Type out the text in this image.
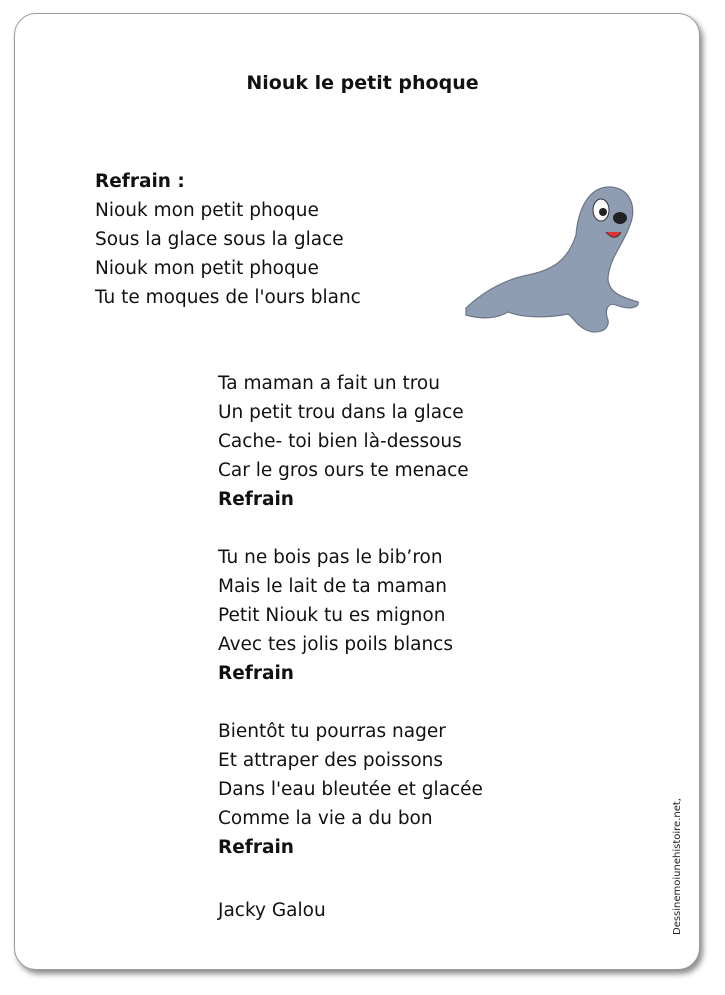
Niouk le petit phoque
Refrain :
Niouk mon petit phoque
Sous la glace sous la glace
Niouk mon petit phoque
Tu te moques de l'ours blanc
Ta maman a fait un trou
Un petit trou dans la glace
Cache- toi bien là-dessous
Car le gros ours te menace
Refrain
Tu ne bois pas le bib’ron
Mais le lait de ta maman
Petit Niouk tu es mignon
Avec tes jolis poils blancs
Refrain
Bientôt tu pourras nager
Et attraper des poissons
Dans l'eau bleutée et glacée
Comme la vie a du bon
Refrain
Jacky Galou	Dessinemoiunehistoire.net,
